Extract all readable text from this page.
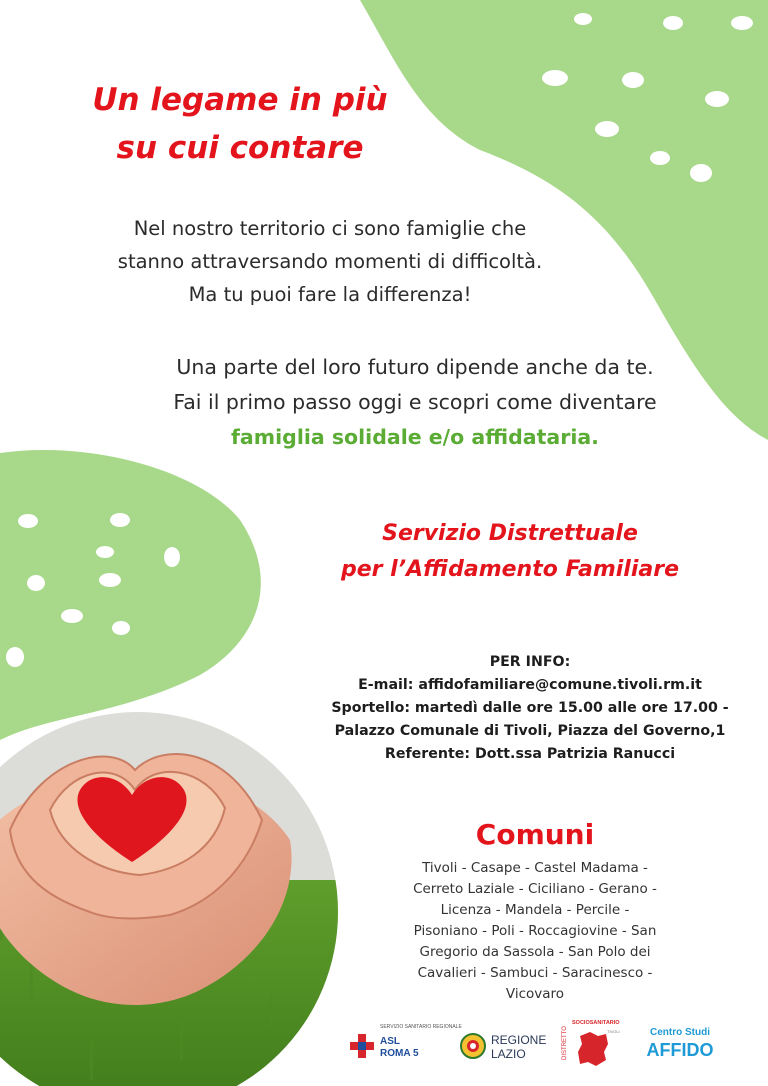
Un legame in più
su cui contare
Nel nostro territorio ci sono famiglie che
stanno attraversando momenti di difficoltà.
Ma tu puoi fare la differenza!
Una parte del loro futuro dipende anche da te.
Fai il primo passo oggi e scopri come diventare
famiglia solidale e/o affidataria.
Servizio Distrettuale
per l’Affidamento Familiare
PER INFO:
E-mail: affidofamiliare@comune.tivoli.rm.it
Sportello: martedì dalle ore 15.00 alle ore 17.00 -
Palazzo Comunale di Tivoli, Piazza del Governo,1
Referente: Dott.ssa Patrizia Ranucci
Comuni
Tivoli - Casape - Castel Madama -
Cerreto Laziale - Ciciliano - Gerano -
Licenza - Mandela - Percile -
Pisoniano - Poli - Roccagiovine - San
Gregorio da Sassola - San Polo dei
Cavalieri - Sambuci - Saracinesco -
Vicovaro
SERVIZIO SANITARIO REGIONALE
ASL
ROMA 5
REGIONE
LAZIO	DISTRETTO
SOCIOSANITARIO
TIVOLI	Centro Studi
AFFIDO
